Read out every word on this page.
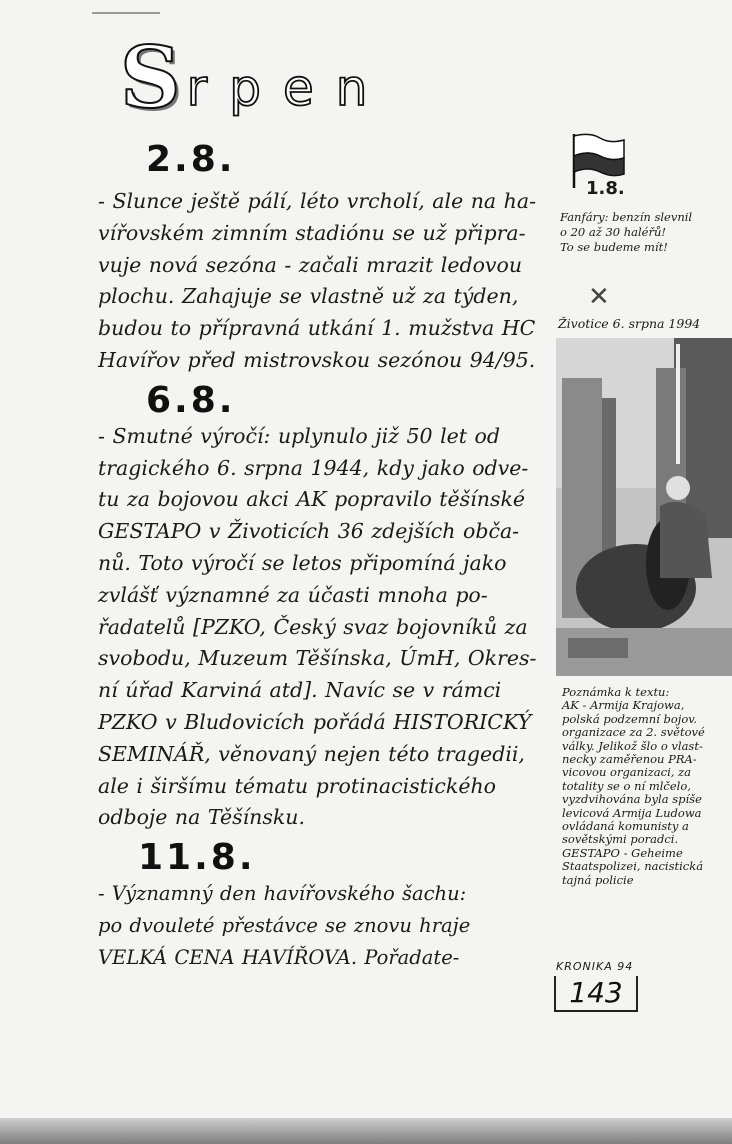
S rpen
2.8.

- Slunce ještě pálí, léto vrcholí, ale na ha-
vířovském zimním stadiónu se už připra-
vuje nová sezóna - začali mrazit ledovou
plochu. Zahajuje se vlastně už za týden,
budou to přípravná utkání 1. mužstva HC
Havířov před mistrovskou sezónou 94/95.

6.8.

- Smutné výročí: uplynulo již 50 let od
tragického 6. srpna 1944, kdy jako odve-
tu za bojovou akci AK popravilo těšínské
GESTAPO v Životicích 36 zdejších obča-
nů. Toto výročí se letos připomíná jako
zvlášť významné za účasti mnoha po-
řadatelů [PZKO, Český svaz bojovníků za
svobodu, Muzeum Těšínska, ÚmH, Okres-
ní úřad Karviná atd]. Navíc se v rámci
PZKO v Bludovicích pořádá HISTORICKÝ
SEMINÁŘ, věnovaný nejen této tragedii,
ale i širšímu tématu protinacistického
odboje na Těšínsku.

11.8.

- Významný den havířovského šachu:
po dvouleté přestávce se znovu hraje
VELKÁ CENA HAVÍŘOVA. Pořadate-

1.8.
Fanfáry: benzín slevnil
o 20 až 30 haléřů!
To se budeme mít!
✕
Životice 6. srpna 1994
Poznámka k textu:
AK - Armija Krajowa,
polská podzemní bojov.
organizace za 2. světové
války. Jelikož šlo o vlast-
necky zaměřenou PRA-
vicovou organizaci, za
totality se o ní mlčelo,
vyzdvihována byla spíše
levicová Armija Ludowa
ovládaná komunisty a
sovětskými poradci.
GESTAPO - Geheime
Staatspolizei, nacistická
tajná policie
KRONIKA 94
143
